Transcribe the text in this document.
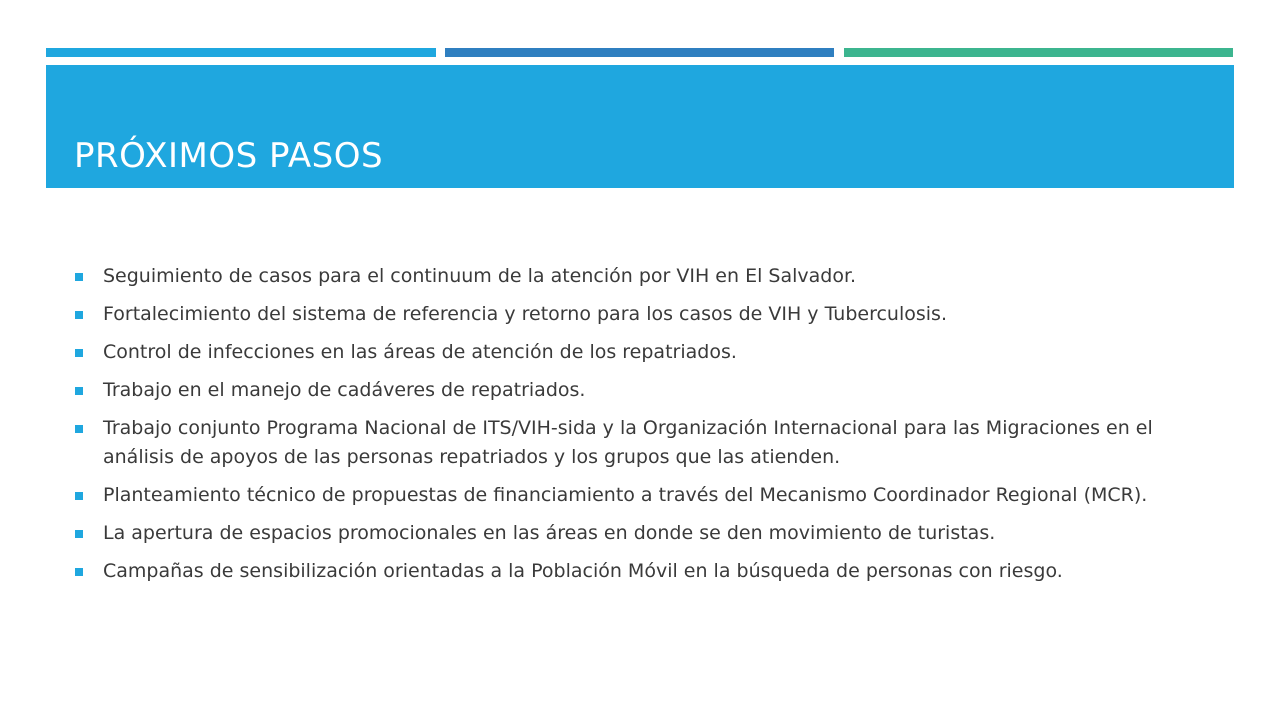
PRÓXIMOS PASOS
Seguimiento de casos para el continuum de la atención por VIH en El Salvador.
Fortalecimiento del sistema de referencia y retorno para los casos de VIH y Tuberculosis.
Control de infecciones en las áreas de atención de los repatriados.
Trabajo en el manejo de cadáveres de repatriados.
Trabajo conjunto Programa Nacional de ITS/VIH-sida y la Organización Internacional para las Migraciones en el análisis de apoyos de las personas repatriados y los grupos que las atienden.
Planteamiento técnico de propuestas de financiamiento a través del Mecanismo Coordinador Regional (MCR).
La apertura de espacios promocionales en las áreas en donde se den movimiento de turistas.
Campañas de sensibilización orientadas a la Población Móvil en la búsqueda de personas con riesgo.
